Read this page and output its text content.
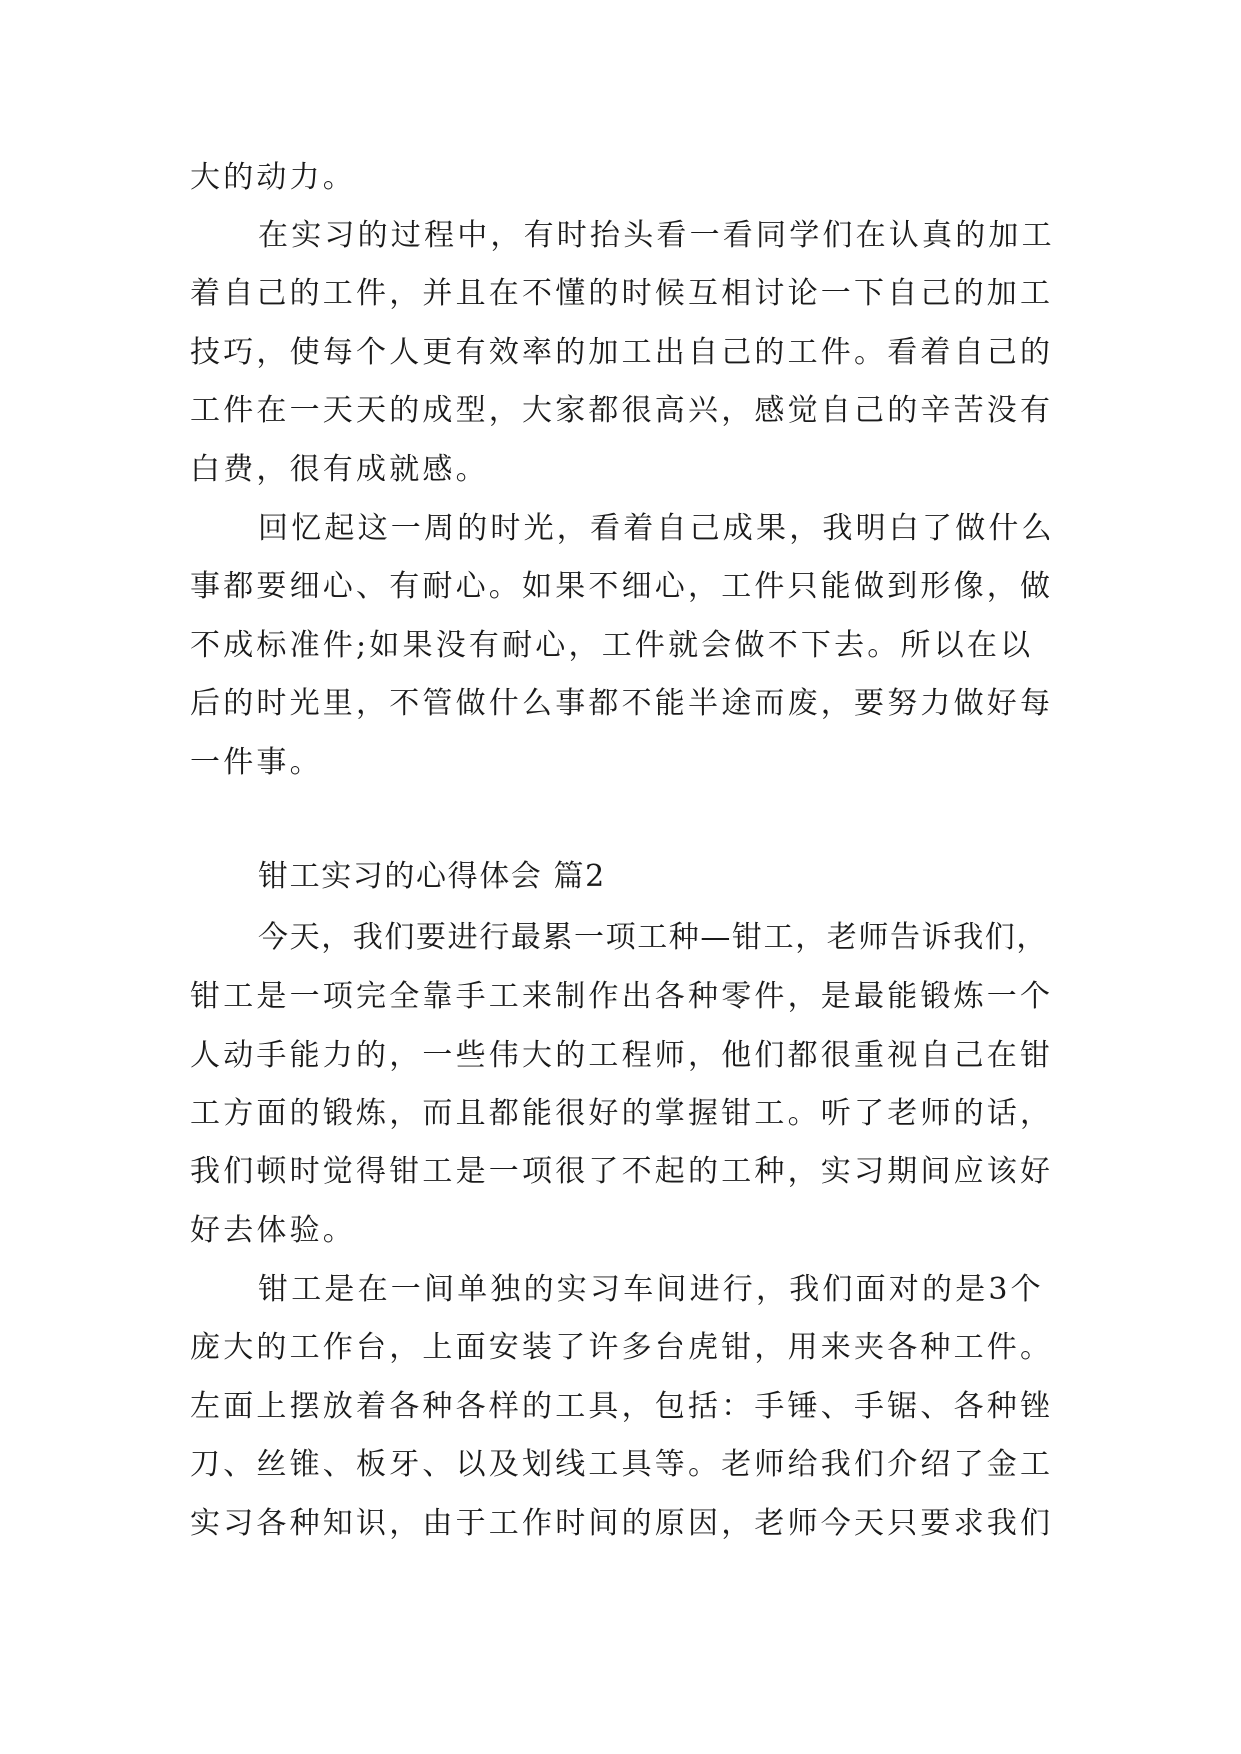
大的动力。
在实习的过程中，有时抬头看一看同学们在认真的加工
着自己的工件，并且在不懂的时候互相讨论一下自己的加工
技巧，使每个人更有效率的加工出自己的工件。看着自己的
工件在一天天的成型，大家都很高兴，感觉自己的辛苦没有
白费，很有成就感。
回忆起这一周的时光，看着自己成果，我明白了做什么
事都要细心、有耐心。如果不细心，工件只能做到形像，做
不成标准件;如果没有耐心，工件就会做不下去。所以在以
后的时光里，不管做什么事都不能半途而废，要努力做好每
一件事。
钳工实习的心得体会 篇2
今天，我们要进行最累一项工种—钳工，老师告诉我们，
钳工是一项完全靠手工来制作出各种零件，是最能锻炼一个
人动手能力的，一些伟大的工程师，他们都很重视自己在钳
工方面的锻炼，而且都能很好的掌握钳工。听了老师的话，
我们顿时觉得钳工是一项很了不起的工种，实习期间应该好
好去体验。
钳工是在一间单独的实习车间进行，我们面对的是3个
庞大的工作台，上面安装了许多台虎钳，用来夹各种工件。
左面上摆放着各种各样的工具，包括：手锤、手锯、各种锉
刀、丝锥、板牙、以及划线工具等。老师给我们介绍了金工
实习各种知识，由于工作时间的原因，老师今天只要求我们
